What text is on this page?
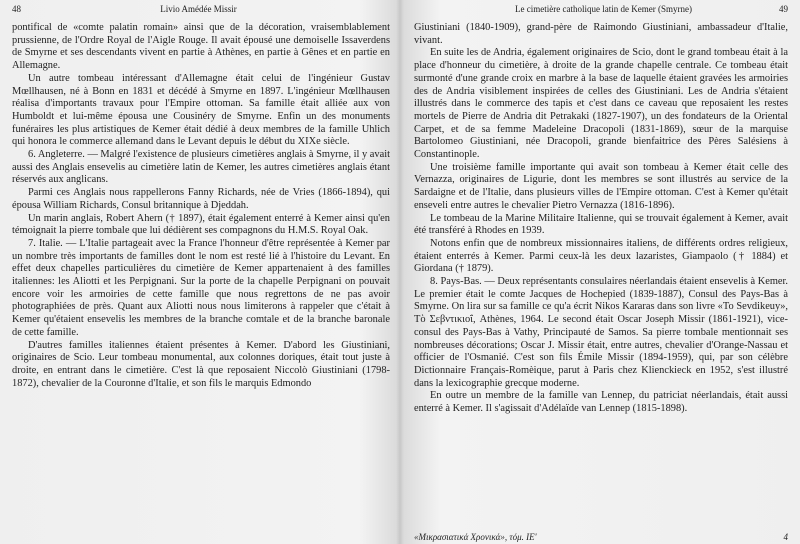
48	Livio Amédée Missir

pontifical de «comte palatin romain» ainsi que de la décoration, vraisemblablement prussienne, de l'Ordre Royal de l'Aigle Rouge. Il avait épousé une demoiselle Issaverdens de Smyrne et ses descendants vivent en partie à Athènes, en partie à Gênes et en partie en Allemagne.

Un autre tombeau intéressant d'Allemagne était celui de l'ingénieur Gustav Mœllhausen, né à Bonn en 1831 et décédé à Smyrne en 1897. L'ingénieur Mœllhausen réalisa d'importants travaux pour l'Empire ottoman. Sa famille était alliée aux von Humboldt et lui-même épousa une Cousinéry de Smyrne. Enfin un des monuments funéraires les plus artistiques de Kemer était dédié à deux membres de la famille Uhlich qui honora le commerce allemand dans le Levant depuis le début du XIXe siècle.

6. Angleterre. — Malgré l'existence de plusieurs cimetières anglais à Smyrne, il y avait aussi des Anglais ensevelis au cimetière latin de Kemer, les autres cimetières anglais étant réservés aux anglicans.

Parmi ces Anglais nous rappellerons Fanny Richards, née de Vries (1866-1894), qui épousa William Richards, Consul britannique à Djeddah.

Un marin anglais, Robert Ahern († 1897), était également enterré à Kemer ainsi qu'en témoignait la pierre tombale que lui dédièrent ses compagnons du H.M.S. Royal Oak.

7. Italie. — L'Italie partageait avec la France l'honneur d'être représentée à Kemer par un nombre très importants de familles dont le nom est resté lié à l'histoire du Levant. En effet deux chapelles particulières du cimetière de Kemer appartenaient à des familles italiennes: les Aliotti et les Perpignani. Sur la porte de la chapelle Perpignani on pouvait encore voir les armoiries de cette famille que nous regrettons de ne pas avoir photographiées de près. Quant aux Aliotti nous nous limiterons à rappeler que c'était à Kemer qu'étaient ensevelis les membres de la branche comtale et de la branche baronale de cette famille.

D'autres familles italiennes étaient présentes à Kemer. D'abord les Giustiniani, originaires de Scio. Leur tombeau monumental, aux colonnes doriques, était tout juste à droite, en entrant dans le cimetière. C'est là que reposaient Niccolò Giustiniani (1798-1872), chevalier de la Couronne d'Italie, et son fils le marquis Edmondo

Le cimetière catholique latin de Kemer (Smyrne)	49

Giustiniani (1840-1909), grand-père de Raimondo Giustiniani, ambassadeur d'Italie, vivant.

En suite les de Andria, également originaires de Scio, dont le grand tombeau était à la place d'honneur du cimetière, à droite de la grande chapelle centrale. Ce tombeau était surmonté d'une grande croix en marbre à la base de laquelle étaient gravées les armoiries des de Andria visiblement inspirées de celles des Giustiniani. Les de Andria s'étaient illustrés dans le commerce des tapis et c'est dans ce caveau que reposaient les restes mortels de Pierre de Andria dit Petrakaki (1827-1907), un des fondateurs de la Oriental Carpet, et de sa femme Madeleine Dracopoli (1831-1869), sœur de la marquise Bartolomeo Giustiniani, née Dracopoli, grande bienfaitrice des Pères Salésiens à Constantinople.

Une troisième famille importante qui avait son tombeau à Kemer était celle des Vernazza, originaires de Ligurie, dont les membres se sont illustrés au service de la Sardaigne et de l'Italie, dans plusieurs villes de l'Empire ottoman. C'est à Kemer qu'était enseveli entre autres le chevalier Pietro Vernazza (1816-1896).

Le tombeau de la Marine Militaire Italienne, qui se trouvait également à Kemer, avait été transféré à Rhodes en 1939.

Notons enfin que de nombreux missionnaires italiens, de différents ordres religieux, étaient enterrés à Kemer. Parmi ceux-là les deux lazaristes, Giampaolo († 1884) et Giordana († 1879).

8. Pays-Bas. — Deux représentants consulaires néerlandais étaient ensevelis à Kemer. Le premier était le comte Jacques de Hochepied (1839-1887), Consul des Pays-Bas à Smyrne. On lira sur sa famille ce qu'a écrit Nikos Kararas dans son livre «To Sevdikeuy», Τὸ Σεβντικιοΐ, Athènes, 1964. Le second était Oscar Joseph Missir (1861-1921), vice-consul des Pays-Bas à Vathy, Principauté de Samos. Sa pierre tombale mentionnait ses nombreuses décorations; Oscar J. Missir était, entre autres, chevalier d'Orange-Nassau et officier de l'Osmanié. C'est son fils Émile Missir (1894-1959), qui, par son célèbre Dictionnaire Français-Romèique, parut à Paris chez Klienckieck en 1952, s'est illustré dans la lexicographie grecque moderne.

En outre un membre de la famille van Lennep, du patriciat néerlandais, était aussi enterré à Kemer. Il s'agissait d'Adélaïde van Lennep (1815-1898).

«Μικρασιατικά Χρονικά», τόμ. ΙΕ'	4
